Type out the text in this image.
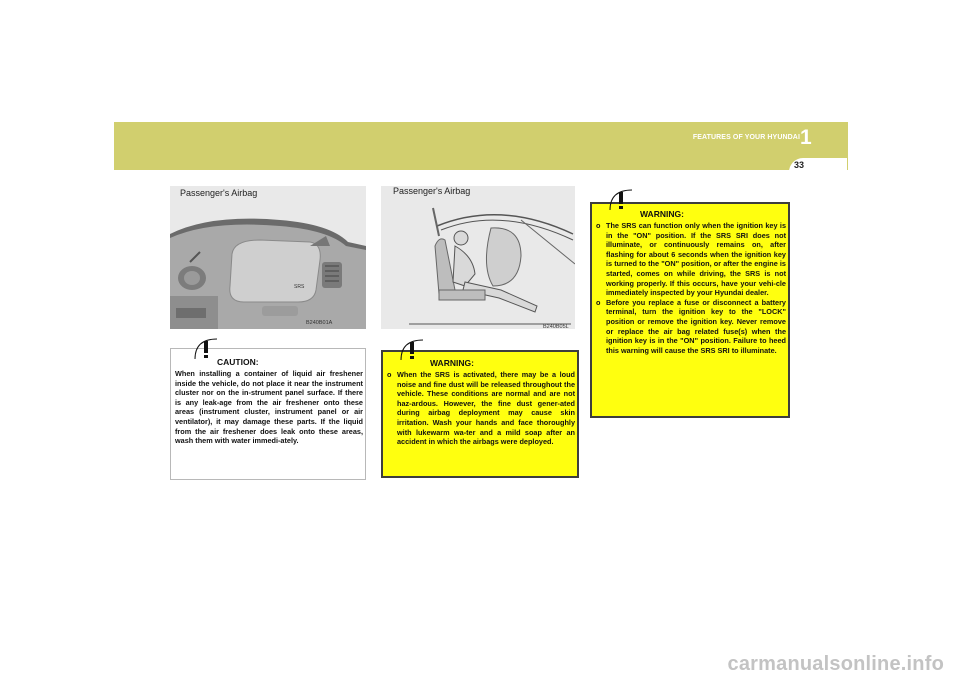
FEATURES OF YOUR HYUNDAI 1
33
SRS
Passenger's Airbag
B240B01A
Passenger's Airbag
B240B05L
CAUTION:

When installing a container of liquid air freshener inside the vehicle, do not place it near the instrument cluster nor on the in-strument panel surface. If there is any leak-age from the air freshener onto these areas (instrument cluster, instrument panel or air ventilator), it may damage these parts. If the liquid from the air freshener does leak onto these areas, wash them with water immedi-ately.

WARNING:
o When the SRS is activated, there may be a loud noise and fine dust will be released throughout the vehicle. These conditions are normal and are not haz-ardous. However, the fine dust gener-ated during airbag deployment may cause skin irritation. Wash your hands and face thoroughly with lukewarm wa-ter and a mild soap after an accident in which the airbags were deployed.
WARNING:
o The SRS can function only when the ignition key is in the "ON" position. If the SRS SRI does not illuminate, or continuously remains on, after flashing for about 6 seconds when the ignition key is turned to the "ON" position, or after the engine is started, comes on while driving, the SRS is not working properly. If this occurs, have your vehi-cle immediately inspected by your Hyundai dealer.
o Before you replace a fuse or disconnect a battery terminal, turn the ignition key to the "LOCK" position or remove the ignition key. Never remove or replace the air bag related fuse(s) when the ignition key is in the "ON" position. Failure to heed this warning will cause the SRS SRI to illuminate.
carmanualsonline.info
